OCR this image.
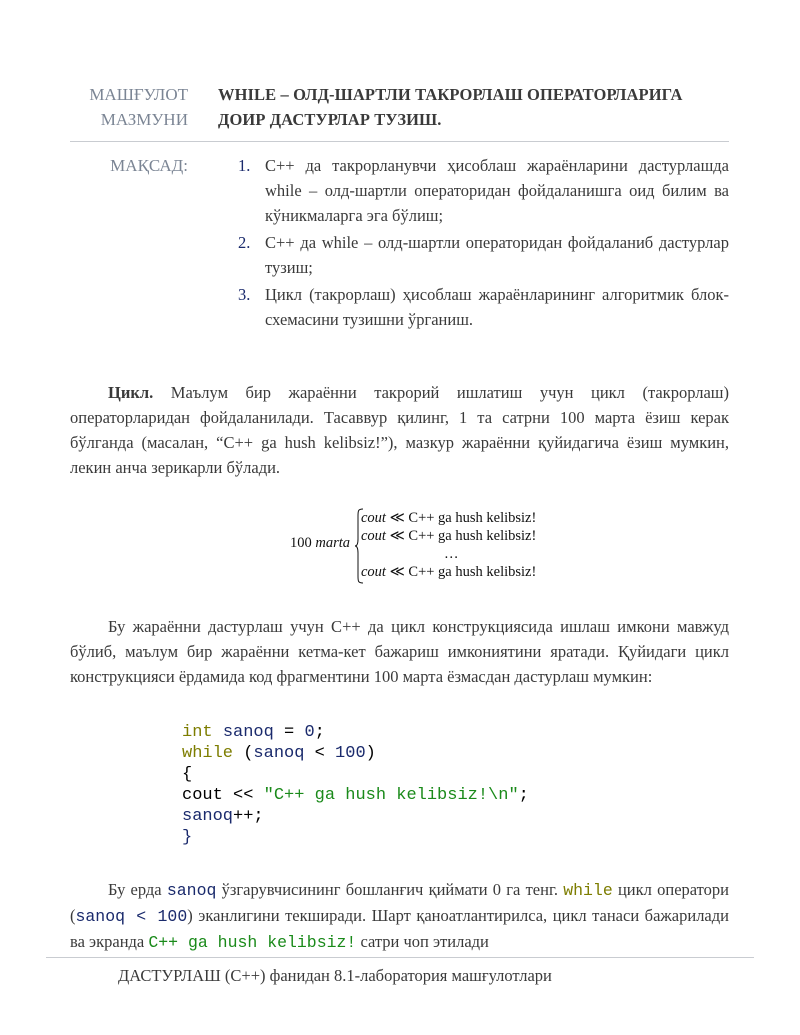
МАШҒУЛОТ
МАЗМУНИ
WHILE – ОЛД-ШАРТЛИ ТАКРОРЛАШ ОПЕРАТОРЛАРИГА
ДОИР ДАСТУРЛАР ТУЗИШ.
МАҚСАД:	1. C++ да такрорланувчи ҳисоблаш жараёнларини дастурлашда while – олд-шартли операторидан фойдаланишга оид билим ва кўникмаларга эга бўлиш;
2. C++ да while – олд-шартли операторидан фойдаланиб дастурлар тузиш;
3. Цикл (такрорлаш) ҳисоблаш жараёнларининг алгоритмик блок-схемасини тузишни ўрганиш.

Цикл. Маълум бир жараённи такрорий ишлатиш учун цикл (такрорлаш) операторларидан фойдаланилади. Тасаввур қилинг, 1 та сатрни 100 марта ёзиш керак бўлганда (масалан, “C++ ga hush kelibsiz!”), мазкур жараённи қуйидагича ёзиш мумкин, лекин анча зерикарли бўлади.

100 marta
cout ≪ C++ ga hush kelibsiz!
cout ≪ C++ ga hush kelibsiz!
…
cout ≪ C++ ga hush kelibsiz!

Бу жараённи дастурлаш учун C++ да цикл конструкциясида ишлаш имкони мавжуд бўлиб, маълум бир жараённи кетма-кет бажариш имкониятини яратади. Қуйидаги цикл конструкцияси ёрдамида код фрагментини 100 марта ёзмасдан дастурлаш мумкин:

int sanoq = 0;
while (sanoq < 100)
{
cout << "C++ ga hush kelibsiz!\n";
sanoq++;
}

Бу ерда sanoq ўзгарувчисининг бошланғич қиймати 0 га тенг. while цикл оператори (sanoq < 100) эканлигини текширади. Шарт қаноатлантирилса, цикл танаси бажарилади ва экранда C++ ga hush kelibsiz! сатри чоп этилади

ДАСТУРЛАШ (C++) фанидан 8.1-лаборатория машғулотлари
